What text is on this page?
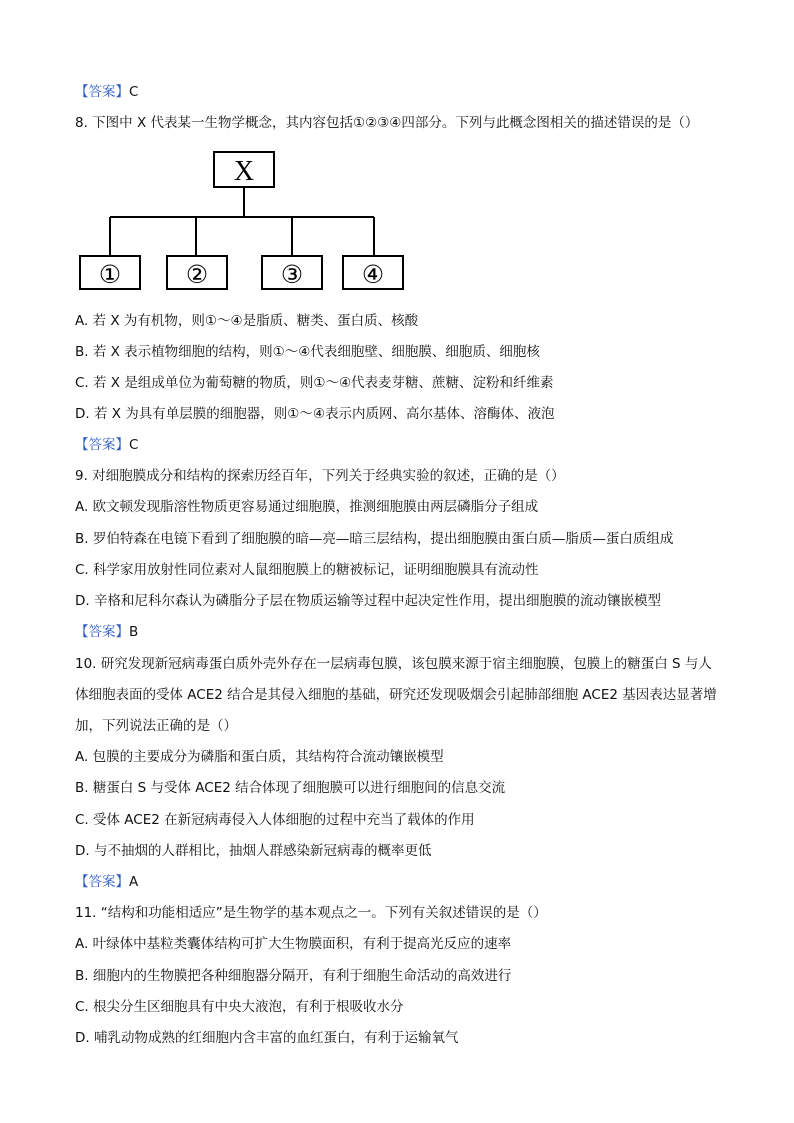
【答案】C
8. 下图中 X 代表某一生物学概念，其内容包括①②③④四部分。下列与此概念图相关的描述错误的是（）
X
①	②	③ ④
A. 若 X 为有机物，则①～④是脂质、糖类、蛋白质、核酸
B. 若 X 表示植物细胞的结构，则①～④代表细胞壁、细胞膜、细胞质、细胞核
C. 若 X 是组成单位为葡萄糖的物质，则①～④代表麦芽糖、蔗糖、淀粉和纤维素
D. 若 X 为具有单层膜的细胞器，则①～④表示内质网、高尔基体、溶酶体、液泡
【答案】C
9. 对细胞膜成分和结构的探索历经百年，下列关于经典实验的叙述，正确的是（）
A. 欧文顿发现脂溶性物质更容易通过细胞膜，推测细胞膜由两层磷脂分子组成
B. 罗伯特森在电镜下看到了细胞膜的暗—亮—暗三层结构，提出细胞膜由蛋白质—脂质—蛋白质组成
C. 科学家用放射性同位素对人鼠细胞膜上的糖被标记，证明细胞膜具有流动性
D. 辛格和尼科尔森认为磷脂分子层在物质运输等过程中起决定性作用，提出细胞膜的流动镶嵌模型
【答案】B
10. 研究发现新冠病毒蛋白质外壳外存在一层病毒包膜，该包膜来源于宿主细胞膜，包膜上的糖蛋白 S 与人
体细胞表面的受体 ACE2 结合是其侵入细胞的基础，研究还发现吸烟会引起肺部细胞 ACE2 基因表达显著增
加，下列说法正确的是（）
A. 包膜的主要成分为磷脂和蛋白质，其结构符合流动镶嵌模型
B. 糖蛋白 S 与受体 ACE2 结合体现了细胞膜可以进行细胞间的信息交流
C. 受体 ACE2 在新冠病毒侵入人体细胞的过程中充当了载体的作用
D. 与不抽烟的人群相比，抽烟人群感染新冠病毒的概率更低
【答案】A
11. “结构和功能相适应”是生物学的基本观点之一。下列有关叙述错误的是（）
A. 叶绿体中基粒类囊体结构可扩大生物膜面积，有利于提高光反应的速率
B. 细胞内的生物膜把各种细胞器分隔开，有利于细胞生命活动的高效进行
C. 根尖分生区细胞具有中央大液泡，有利于根吸收水分
D. 哺乳动物成熟的红细胞内含丰富的血红蛋白，有利于运输氧气
